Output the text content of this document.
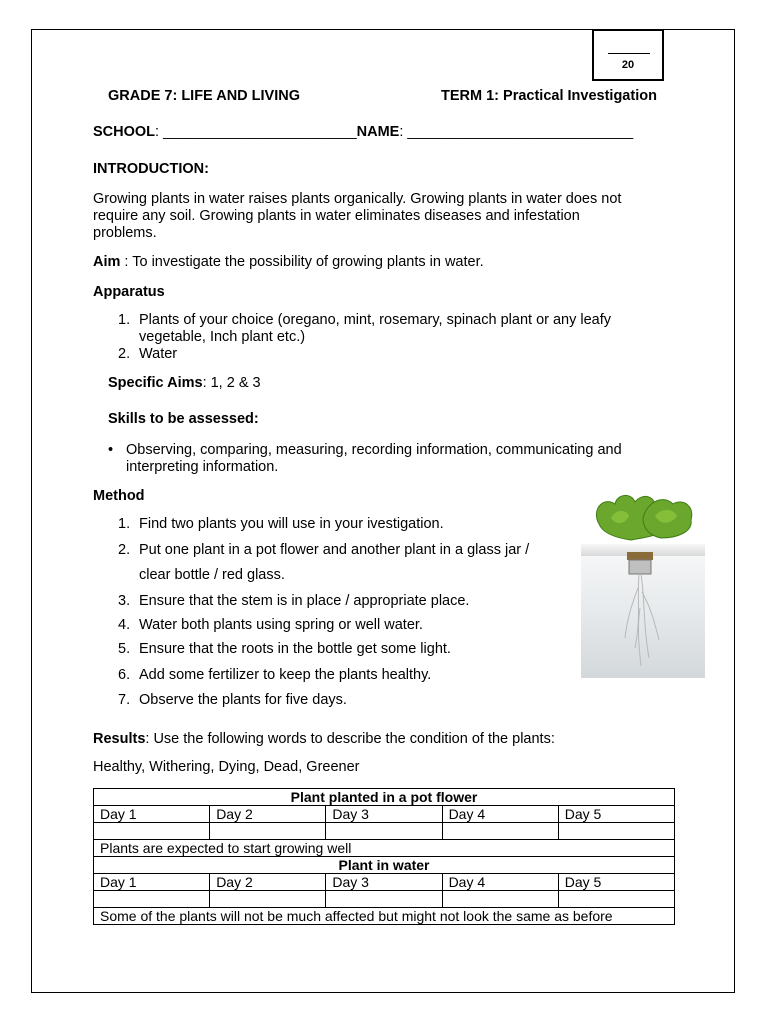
20
GRADE 7: LIFE AND LIVING	TERM 1: Practical Investigation
SCHOOL: ________________________NAME: ____________________________
INTRODUCTION:
Growing plants in water raises plants organically. Growing plants in water does not
require any soil. Growing plants in water eliminates diseases and infestation
problems.
Aim : To investigate the possibility of growing plants in water.
Apparatus
1. Plants of your choice (oregano, mint, rosemary, spinach plant or any leafy
vegetable, Inch plant etc.)
2. Water
Specific Aims: 1, 2 & 3
Skills to be assessed:
• Observing, comparing, measuring, recording information, communicating and
interpreting information.
Method
1. Find two plants you will use in your ivestigation.
2. Put one plant in a pot flower and another plant in a glass jar /
clear bottle / red glass.
3. Ensure that the stem is in place / appropriate place.
4. Water both plants using spring or well water.
5. Ensure that the roots in the bottle get some light.
6. Add some fertilizer to keep the plants healthy.
7. Observe the plants for five days.
Results: Use the following words to describe the condition of the plants:
Healthy, Withering, Dying, Dead, Greener
Plant planted in a pot flower				
Day 1	Day 2	Day 3	Day 4	Day 5

Plants are expected to start growing well				
Plant in water				
Day 1	Day 2	Day 3	Day 4	Day 5

Some of the plants will not be much affected but might not look the same as before				
